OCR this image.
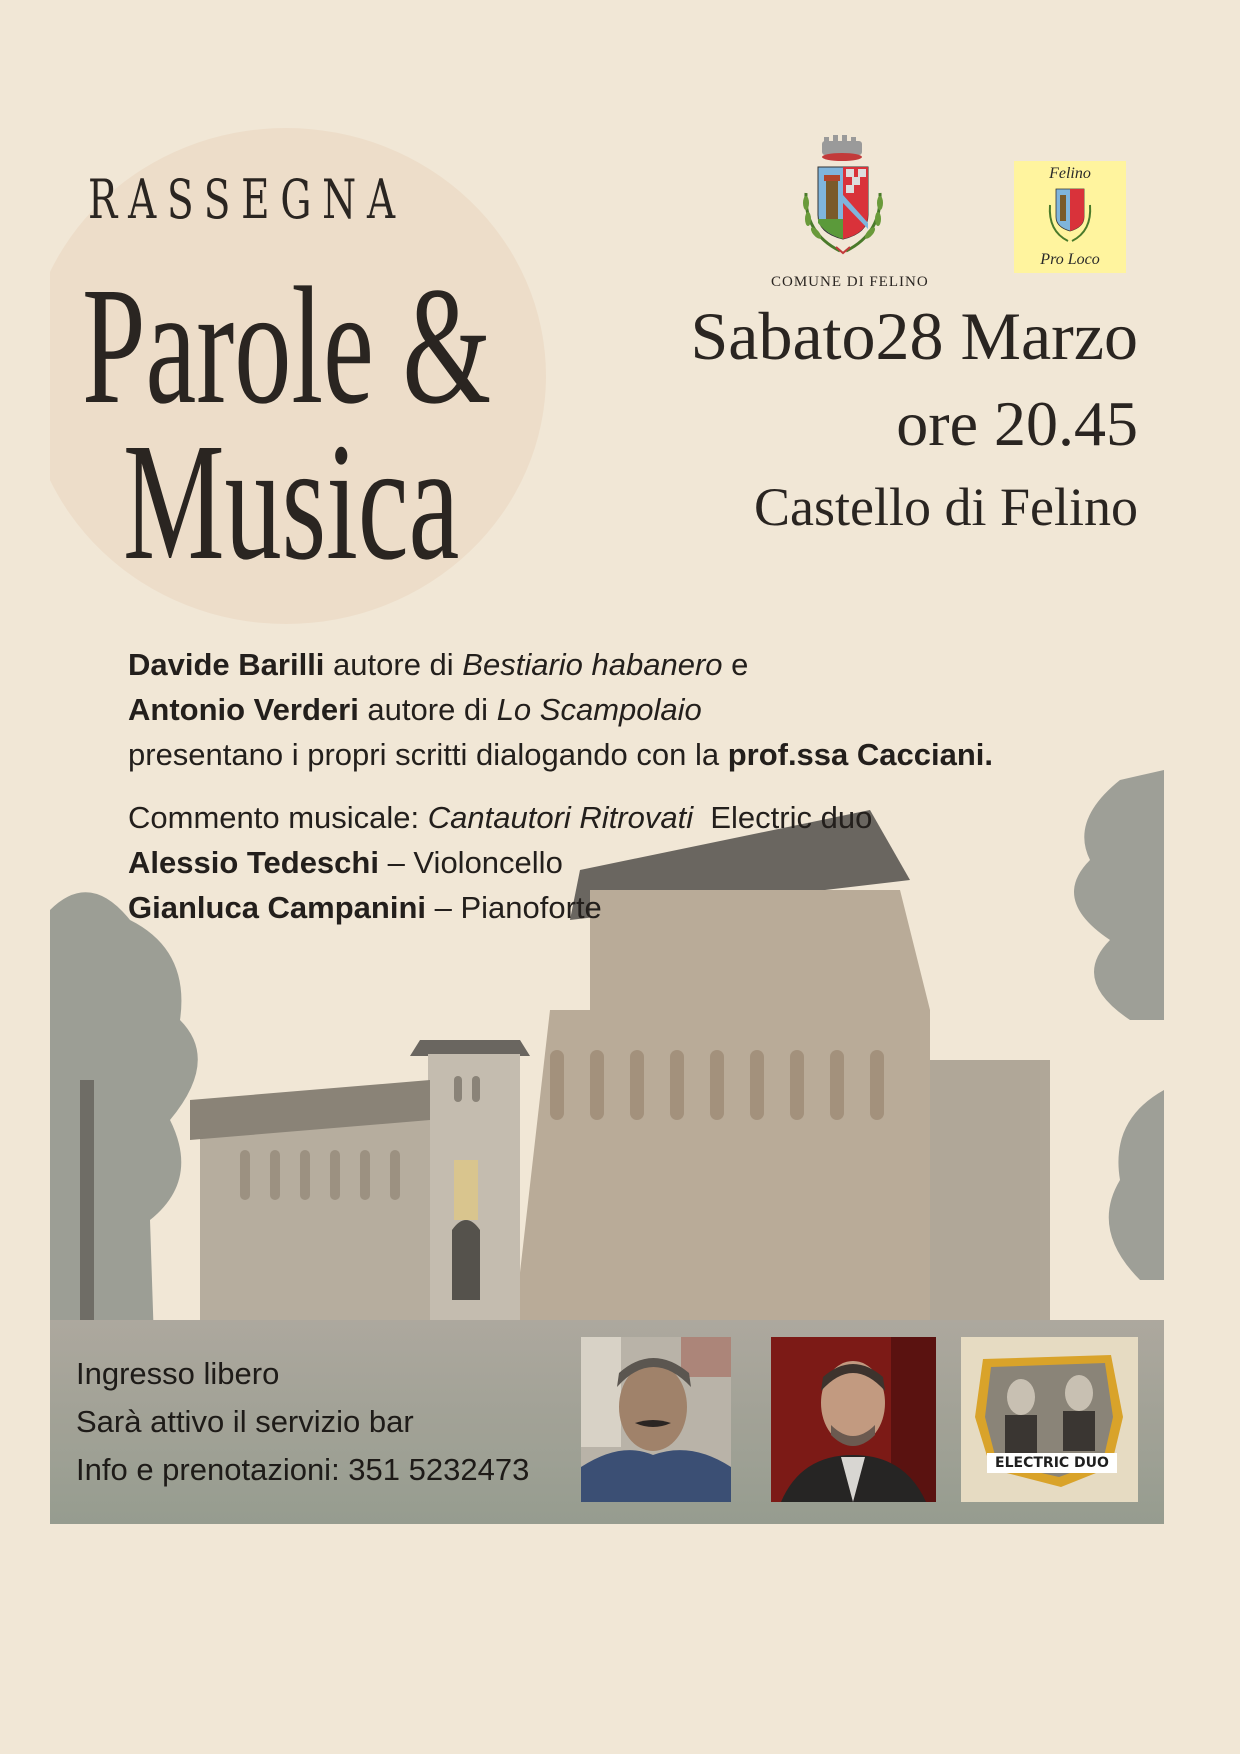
RASSEGNA
Parole &
Musica
COMUNE DI FELINO
Felino
Pro Loco
Sabato28 Marzo
ore 20.45
Castello di Felino

Davide Barilli autore di Bestiario habanero e

Antonio Verderi autore di Lo Scampolaio

presentano i propri scritti dialogando con la prof.ssa Cacciani.

Commento musicale: Cantautori Ritrovati  Electric duo

Alessio Tedeschi – Violoncello

Gianluca Campanini – Pianoforte

Ingresso libero

Sarà attivo il servizio bar

Info e prenotazioni: 351 5232473	ELECTRIC DUO
